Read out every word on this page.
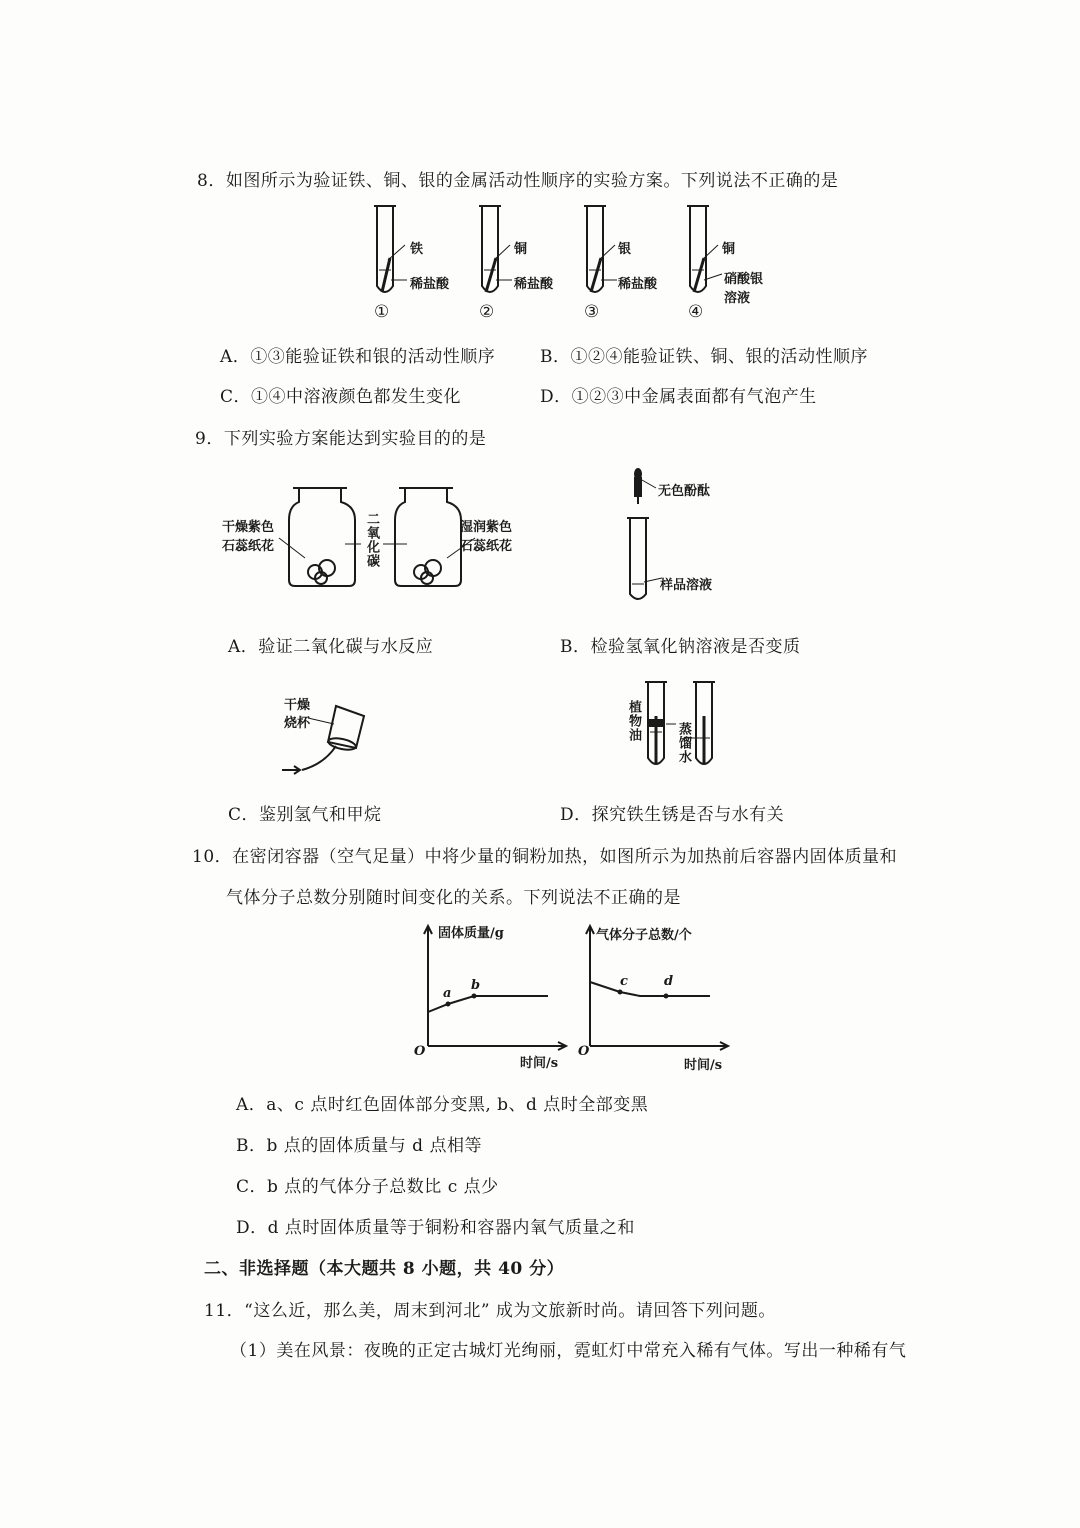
8．如图所示为验证铁、铜、银的金属活动性顺序的实验方案。下列说法不正确的是
铁
稀盐酸
①
铜
稀盐酸
②
银
稀盐酸
③
铜
硝酸银
溶液
④
A．①③能验证铁和银的活动性顺序	B．①②④能验证铁、铜、银的活动性顺序
C．①④中溶液颜色都发生变化	D．①②③中金属表面都有气泡产生
9．下列实验方案能达到实验目的的是
干燥紫色
石蕊纸花	二氧化碳	湿润紫色
石蕊纸花
无色酚酞
样品溶液
A．验证二氧化碳与水反应	B．检验氢氧化钠溶液是否变质
干燥
烧杯	植物油
蒸馏水
C．鉴别氢气和甲烷	D．探究铁生锈是否与水有关
10．在密闭容器（空气足量）中将少量的铜粉加热，如图所示为加热前后容器内固体质量和
气体分子总数分别随时间变化的关系。下列说法不正确的是
固体质量/g
a
b
O
时间/s
气体分子总数/个
c	d
O
时间/s
A．a、c 点时红色固体部分变黑, b、d 点时全部变黑
B．b 点的固体质量与 d 点相等
C．b 点的气体分子总数比 c 点少
D．d 点时固体质量等于铜粉和容器内氧气质量之和
二、非选择题（本大题共 8 小题，共 40 分）
11．“这么近，那么美，周末到河北” 成为文旅新时尚。请回答下列问题。
（1）美在风景：夜晚的正定古城灯光绚丽，霓虹灯中常充入稀有气体。写出一种稀有气
